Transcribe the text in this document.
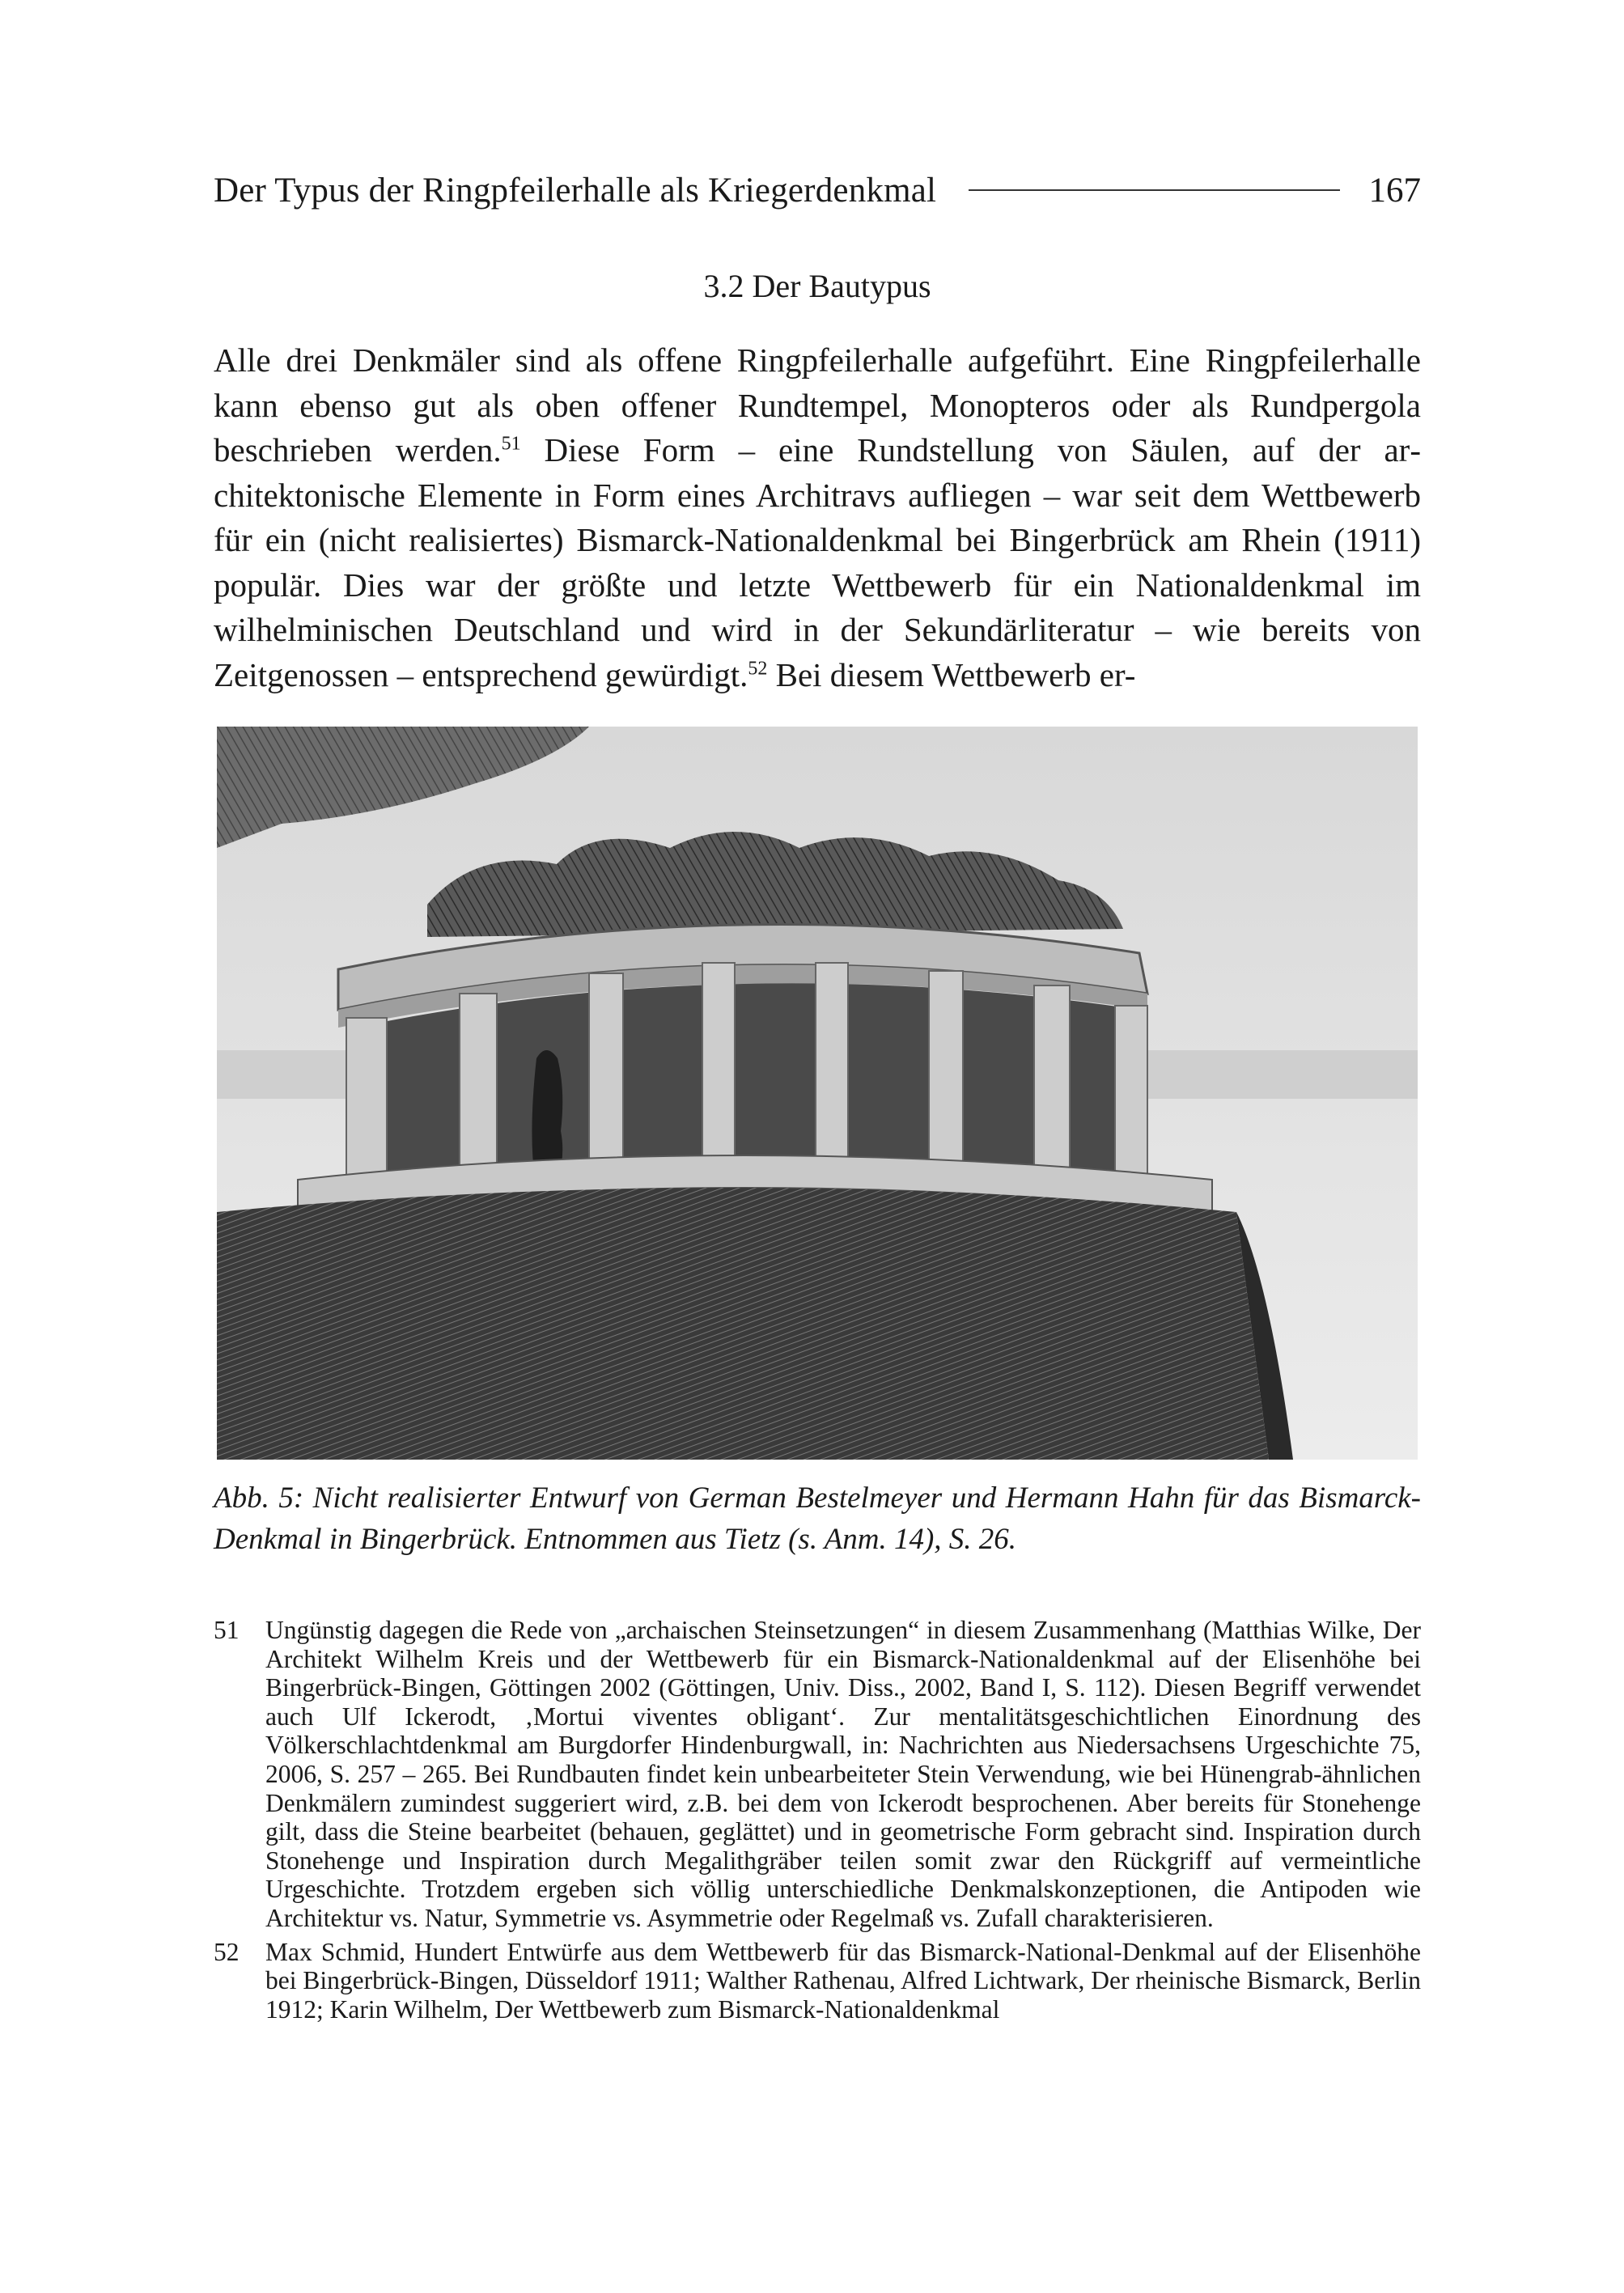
Der Typus der Ringpfeilerhalle als Kriegerdenkmal	167
3.2 Der Bautypus
Alle drei Denkmäler sind als offene Ringpfeilerhalle aufgeführt. Eine Ringpfeilerhalle kann ebenso gut als oben offener Rundtempel, Monopteros oder als Rundpergola beschrieben werden.$^{51}$ Diese Form – eine Rundstellung von Säulen, auf der architektonische Elemente in Form eines Architravs aufliegen – war seit dem Wettbewerb für ein (nicht realisiertes) Bismarck-Nationaldenkmal bei Bingerbrück am Rhein (1911) populär. Dies war der größte und letzte Wettbewerb für ein Nationaldenkmal im wilhelminischen Deutschland und wird in der Sekundärliteratur – wie bereits von Zeitgenossen – entsprechend gewürdigt.$^{52}$ Bei diesem Wettbewerb er-
Abb. 5: Nicht realisierter Entwurf von German Bestelmeyer und Hermann Hahn für das Bismarck-Denkmal in Bingerbrück. Entnommen aus Tietz (s. Anm. 14), S. 26.
51	Ungünstig dagegen die Rede von „archaischen Steinsetzungen“ in diesem Zusammenhang (Matthias Wilke, Der Architekt Wilhelm Kreis und der Wettbewerb für ein Bismarck-Nationaldenkmal auf der Elisenhöhe bei Bingerbrück-Bingen, Göttingen 2002 (Göttingen, Univ. Diss., 2002, Band I, S. 112). Diesen Begriff verwendet auch Ulf Ickerodt, ‚Mortui viventes obligant‘. Zur mentalitätsgeschichtlichen Einordnung des Völkerschlachtdenkmal am Burgdorfer Hindenburgwall, in: Nachrichten aus Niedersachsens Urgeschichte 75, 2006, S. 257 – 265. Bei Rundbauten findet kein unbearbeiteter Stein Verwendung, wie bei Hünengrab-ähnlichen Denkmälern zumindest suggeriert wird, z.B. bei dem von Ickerodt besprochenen. Aber bereits für Stonehenge gilt, dass die Steine bearbeitet (behauen, geglättet) und in geometrische Form gebracht sind. Inspiration durch Stonehenge und Inspiration durch Megalithgräber teilen somit zwar den Rückgriff auf vermeintliche Urgeschichte. Trotzdem ergeben sich völlig unterschiedliche Denkmalskonzeptionen, die Antipoden wie Architektur vs. Natur, Symmetrie vs. Asymmetrie oder Regelmaß vs. Zufall charakterisieren.
52	Max Schmid, Hundert Entwürfe aus dem Wettbewerb für das Bismarck-National-Denkmal auf der Elisenhöhe bei Bingerbrück-Bingen, Düsseldorf 1911; Walther Rathenau, Alfred Lichtwark, Der rheinische Bismarck, Berlin 1912; Karin Wilhelm, Der Wettbewerb zum Bismarck-Nationaldenkmal
